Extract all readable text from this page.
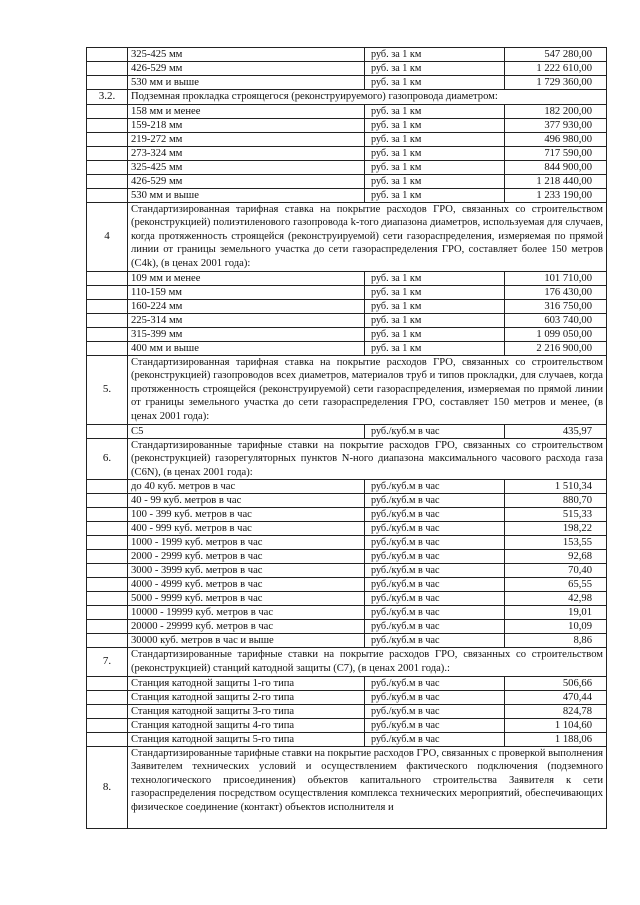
	325-425 мм	руб. за 1 км	547 280,00
	426-529 мм	руб. за 1 км	1 222 610,00
	530 мм и выше	руб. за 1 км	1 729 360,00
3.2.	Подземная прокладка строящегося (реконструируемого) газопровода диаметром:		
	158 мм и менее	руб. за 1 км	182 200,00
	159-218 мм	руб. за 1 км	377 930,00
	219-272 мм	руб. за 1 км	496 980,00
	273-324 мм	руб. за 1 км	717 590,00
	325-425 мм	руб. за 1 км	844 900,00
	426-529 мм	руб. за 1 км	1 218 440,00
	530 мм и выше	руб. за 1 км	1 233 190,00
4	Стандартизированная тарифная ставка на покрытие расходов ГРО, связанных со строительством (реконструкцией) полиэтиленового газопровода k-того диапазона диаметров, используемая для случаев, когда протяженность строящейся (реконструируемой) сети газораспределения, измеряемая по прямой линии от границы земельного участка до сети газораспределения ГРО, составляет более 150 метров (С4k), (в ценах 2001 года):		
	109 мм и менее	руб. за 1 км	101 710,00
	110-159 мм	руб. за 1 км	176 430,00
	160-224 мм	руб. за 1 км	316 750,00
	225-314 мм	руб. за 1 км	603 740,00
	315-399 мм	руб. за 1 км	1 099 050,00
	400 мм и выше	руб. за 1 км	2 216 900,00
5.	Стандартизированная тарифная ставка на покрытие расходов ГРО, связанных со строительством (реконструкцией) газопроводов всех диаметров, материалов труб и типов прокладки, для случаев, когда протяженность строящейся (реконструируемой) сети газораспределения, измеряемая по прямой линии от границы земельного участка до сети газораспределения ГРО, составляет 150 метров и менее, (в ценах 2001 года):		
	С5	руб./куб.м в час	435,97
6.	Стандартизированные тарифные ставки на покрытие расходов ГРО, связанных со строительством (реконструкцией) газорегуляторных пунктов N-ного диапазона максимального часового расхода газа (С6N), (в ценах 2001 года):		
	до 40 куб. метров в час	руб./куб.м в час	1 510,34
	40 - 99 куб. метров в час	руб./куб.м в час	880,70
	100 - 399 куб. метров в час	руб./куб.м в час	515,33
	400 - 999 куб. метров в час	руб./куб.м в час	198,22
	1000 - 1999 куб. метров в час	руб./куб.м в час	153,55
	2000 - 2999 куб. метров в час	руб./куб.м в час	92,68
	3000 - 3999 куб. метров в час	руб./куб.м в час	70,40
	4000 - 4999 куб. метров в час	руб./куб.м в час	65,55
	5000 - 9999 куб. метров в час	руб./куб.м в час	42,98
	10000 - 19999 куб. метров в час	руб./куб.м в час	19,01
	20000 - 29999 куб. метров в час	руб./куб.м в час	10,09
	30000 куб. метров в час и выше	руб./куб.м в час	8,86
7.	Стандартизированные тарифные ставки на покрытие расходов ГРО, связанных со строительством (реконструкцией) станций катодной защиты (С7), (в ценах 2001 года).:		
	Станция катодной защиты 1-го типа	руб./куб.м в час	506,66
	Станция катодной защиты 2-го типа	руб./куб.м в час	470,44
	Станция катодной защиты 3-го типа	руб./куб.м в час	824,78
	Станция катодной защиты 4-го типа	руб./куб.м в час	1 104,60
	Станция катодной защиты 5-го типа	руб./куб.м в час	1 188,06
8.	Стандартизированные тарифные ставки на покрытие расходов ГРО, связанных с проверкой выполнения Заявителем технических условий и осуществлением фактического подключения (подземного технологического присоединения) объектов капитального строительства Заявителя к сети газораспределения посредством осуществления комплекса технических мероприятий, обеспечивающих физическое соединение (контакт) объектов исполнителя и		
